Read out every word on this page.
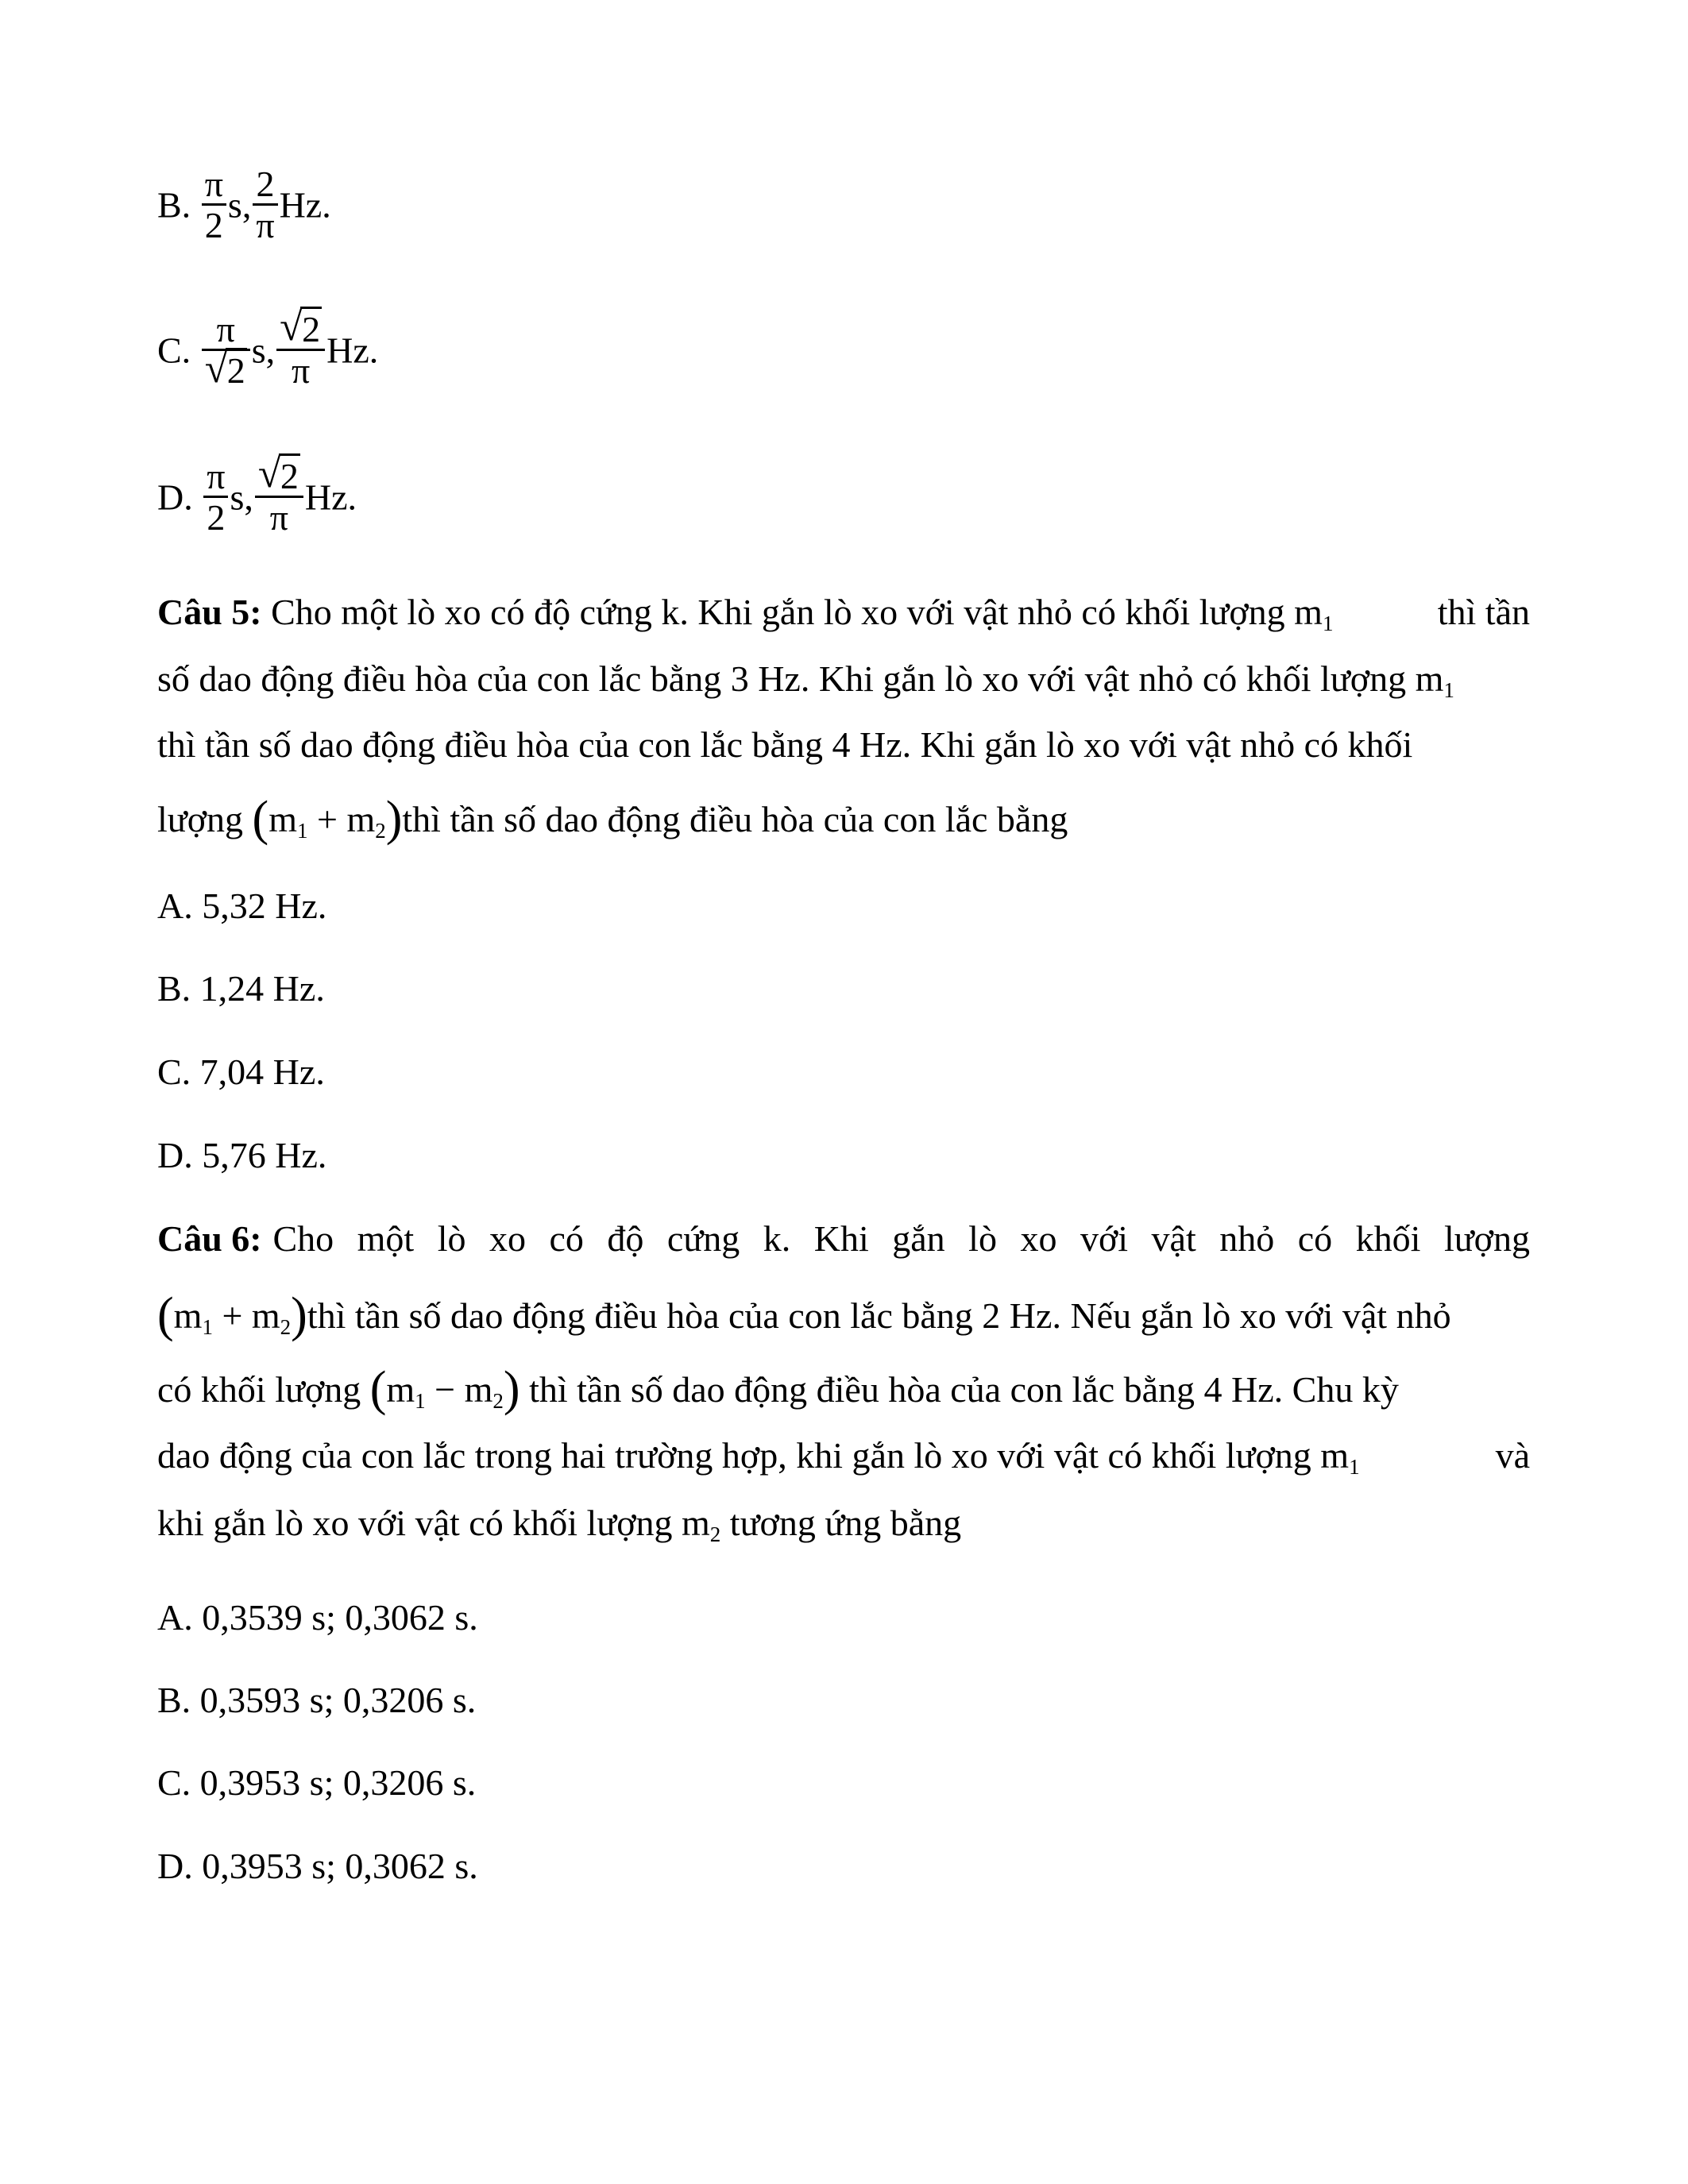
B. $\frac{\pi}{2} s$, $\frac{2}{\pi} Hz$.
C. $\frac{\pi}{√ 2} s$, $\frac{√ 2}{\pi} Hz$.
D. $\frac{\pi}{2} s$, $\frac{√ 2}{\pi} Hz$.
Câu 5: Cho một lò xo có độ cứng k. Khi gắn lò xo với vật nhỏ có khối lượng $m_1$	thì tần
số dao động điều hòa của con lắc bằng 3 Hz. Khi gắn lò xo với vật nhỏ có khối lượng $m_1$
thì tần số dao động điều hòa của con lắc bằng 4 Hz. Khi gắn lò xo với vật nhỏ có khối
lượng ($m_1$ + $m_2)thì$ tần số dao động điều hòa của con lắc bằng
A. 5,32 Hz.
B. 1,24 Hz.
C. 7,04 Hz.
D. 5,76 Hz.
Câu 6: Cho một lò xo có độ cứng k. Khi gắn lò xo với vật nhỏ có khối lượng
($m_1$ + $m_2)thì$ tần số dao động điều hòa của con lắc bằng 2 Hz. Nếu gắn lò xo với vật nhỏ
có khối lượng $(m_1 - m_2)$ thì tần số dao động điều hòa của con lắc bằng 4 Hz. Chu kỳ
dao động của con lắc trong hai trường hợp, khi gắn lò xo với vật có khối lượng $m_1$	và
khi gắn lò xo với vật có khối lượng $m_2$ tương ứng bằng
A. 0,3539 s; 0,3062 s.
B. 0,3593 s; 0,3206 s.
C. 0,3953 s; 0,3206 s.
D. 0,3953 s; 0,3062 s.
